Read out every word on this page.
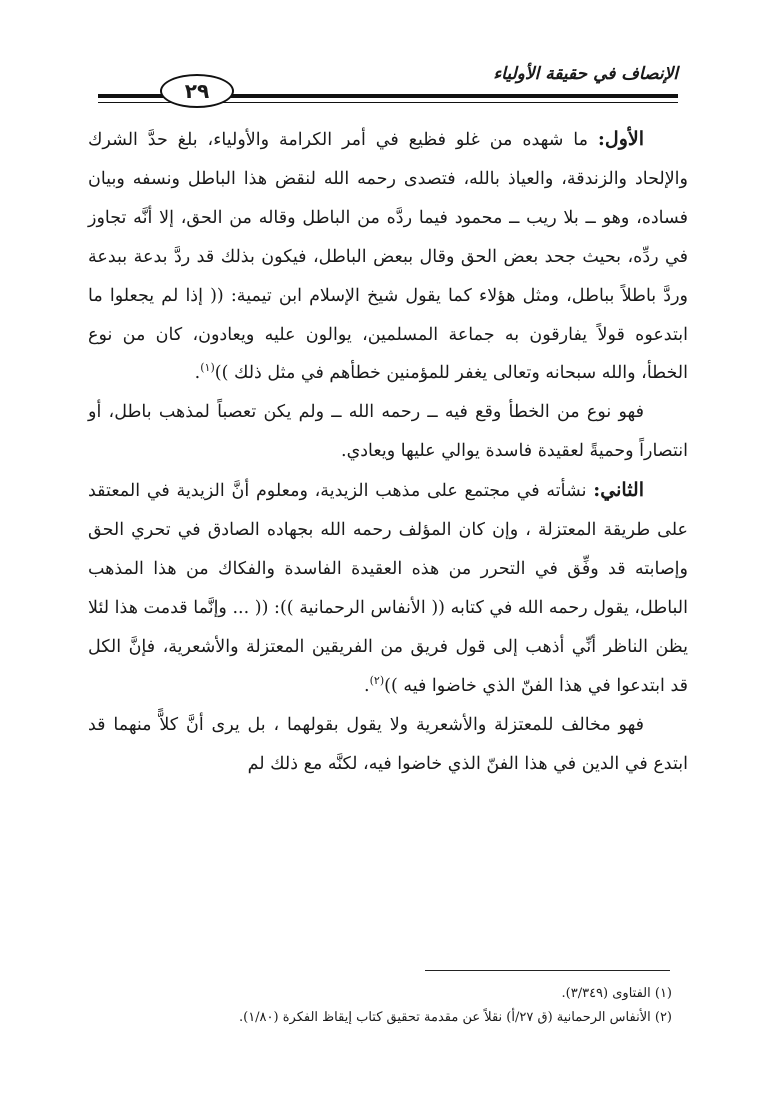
الإنصاف في حقيقة الأولياء
٢٩

الأول: ما شهده من غلو فظيع في أمر الكرامة والأولياء، بلغ حدَّ الشرك والإلحاد والزندقة، والعياذ بالله، فتصدى رحمه الله لنقض هذا الباطل ونسفه وبيان فساده، وهو ــ بلا ريب ــ محمود فيما ردَّه من الباطل وقاله من الحق، إلا أنَّه تجاوز في ردِّه، بحيث جحد بعض الحق وقال ببعض الباطل، فيكون بذلك قد ردَّ بدعة ببدعة وردَّ باطلاً بباطل، ومثل هؤلاء كما يقول شيخ الإسلام ابن تيمية: (( إذا لم يجعلوا ما ابتدعوه قولاً يفارقون به جماعة المسلمين، يوالون عليه ويعادون، كان من نوع الخطأ، والله سبحانه وتعالى يغفر للمؤمنين خطأهم في مثل ذلك ))$^{(١)}$.

فهو نوع من الخطأ وقع فيه ــ رحمه الله ــ ولم يكن تعصباً لمذهب باطل، أو انتصاراً وحميةً لعقيدة فاسدة يوالي عليها ويعادي.

الثاني: نشأته في مجتمع على مذهب الزيدية، ومعلوم أنَّ الزيدية في المعتقد على طريقة المعتزلة ، وإن كان المؤلف رحمه الله بجهاده الصادق في تحري الحق وإصابته قد وفِّق في التحرر من هذه العقيدة الفاسدة والفكاك من هذا المذهب الباطل، يقول رحمه الله في كتابه (( الأنفاس الرحمانية )): (( ... وإنَّما قدمت هذا لئلا يظن الناظر أنِّي أذهب إلى قول فريق من الفريقين المعتزلة والأشعرية، فإنَّ الكل قد ابتدعوا في هذا الفنّ الذي خاضوا فيه ))$^{(٢)}$.

فهو مخالف للمعتزلة والأشعرية ولا يقول بقولهما ، بل يرى أنَّ كلاًّ منهما قد ابتدع في الدين في هذا الفنّ الذي خاضوا فيه، لكنَّه مع ذلك لم

(١) الفتاوى (٣/٣٤٩).

(٢) الأنفاس الرحمانية (ق ٢٧/أ) نقلاً عن مقدمة تحقيق كتاب إيقاظ الفكرة (١/٨٠).
